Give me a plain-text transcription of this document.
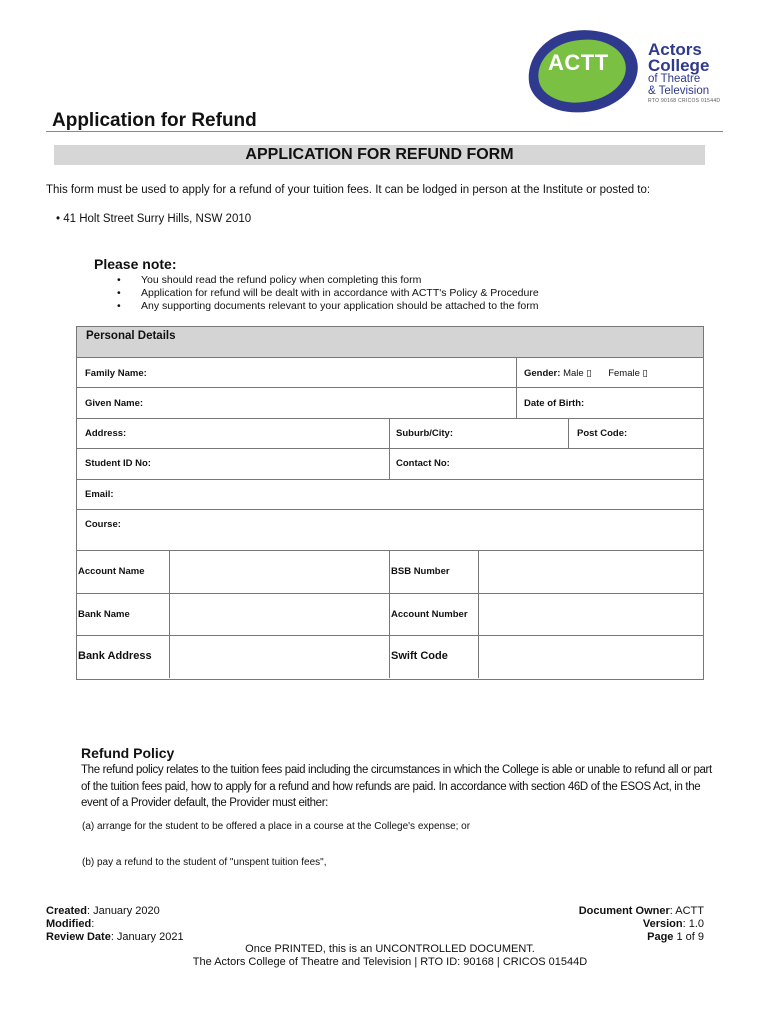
ACTT
Actors
College
of Theatre
& Television
RTO 90168 CRICOS 01544D
Application for Refund
APPLICATION FOR REFUND FORM
This form must be used to apply for a refund of your tuition fees. It can be lodged in person at the Institute or posted to:
• 41 Holt Street Surry Hills, NSW 2010
Please note:
• You should read the refund policy when completing this form
• Application for refund will be dealt with in accordance with ACTT's Policy & Procedure
• Any supporting documents relevant to your application should be attached to the form
Personal Details
Family Name:	Gender: Male ▯ Female ▯
Given Name:	Date of Birth:
Address:	Suburb/City:	Post Code:
Student ID No:	Contact No:
Email:
Course:
Account Name	BSB Number
Bank Name	Account Number
Bank Address	Swift Code
Refund Policy
The refund policy relates to the tuition fees paid including the circumstances in which the College is able or unable to refund all or part of the tuition fees paid, how to apply for a refund and how refunds are paid. In accordance with section 46D of the ESOS Act, in the event of a Provider default, the Provider must either:
(a) arrange for the student to be offered a place in a course at the College's expense; or
(b) pay a refund to the student of "unspent tuition fees",
Created: January 2020
Modified:
Review Date: January 2021
Document Owner: ACTT
Version: 1.0
Page 1 of 9
Once PRINTED, this is an UNCONTROLLED DOCUMENT.
The Actors College of Theatre and Television | RTO ID: 90168 | CRICOS 01544D
